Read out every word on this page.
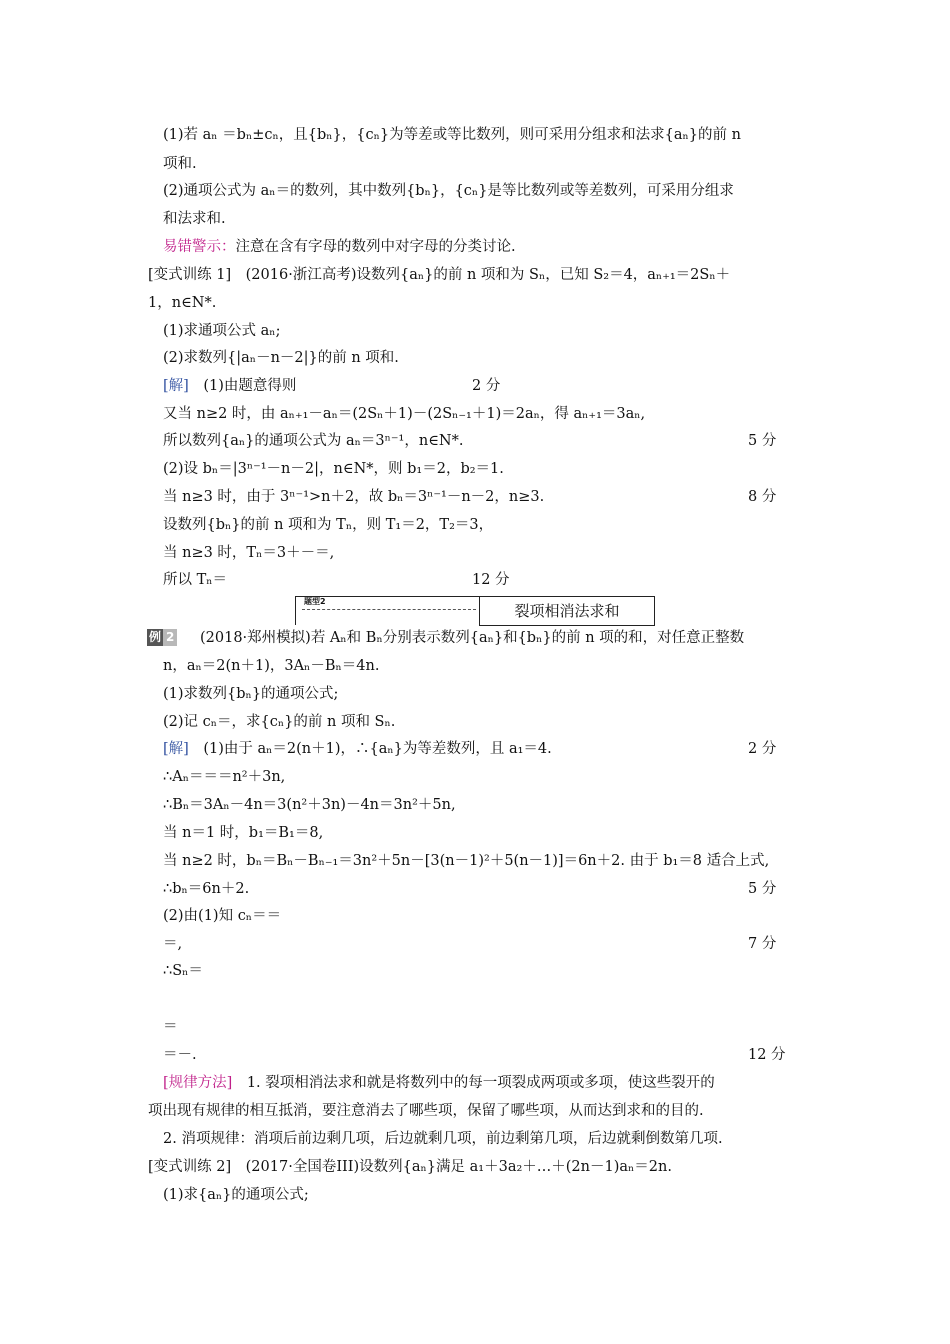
(1)若 aₙ ＝bₙ±cₙ，且{bₙ}，{cₙ}为等差或等比数列，则可采用分组求和法求{aₙ}的前 n
项和.
(2)通项公式为 aₙ＝的数列，其中数列{bₙ}，{cₙ}是等比数列或等差数列，可采用分组求
和法求和.
易错警示：注意在含有字母的数列中对字母的分类讨论.
[变式训练 1]　(2016·浙江高考)设数列{aₙ}的前 n 项和为 Sₙ，已知 S₂＝4，aₙ₊₁＝2Sₙ＋
1，n∈N*.
(1)求通项公式 aₙ;
(2)求数列{|aₙ－n－2|}的前 n 项和.
[解]　 (1)由题意得则	2 分
又当 n≥2 时，由 aₙ₊₁－aₙ＝(2Sₙ＋1)－(2Sₙ₋₁＋1)＝2aₙ，得 aₙ₊₁＝3aₙ,
所以数列{aₙ}的通项公式为 aₙ＝3ⁿ⁻¹，n∈N*.	5 分
(2)设 bₙ＝|3ⁿ⁻¹－n－2|，n∈N*，则 b₁＝2，b₂＝1.
当 n≥3 时，由于 3ⁿ⁻¹>n＋2，故 bₙ＝3ⁿ⁻¹－n－2，n≥3.	8 分
设数列{bₙ}的前 n 项和为 Tₙ，则 T₁＝2，T₂＝3，
当 n≥3 时，Tₙ＝3＋－＝,
所以 Tₙ＝	12 分
题型2
裂项相消法求和
例 2 (2018·郑州模拟)若 Aₙ和 Bₙ分别表示数列{aₙ}和{bₙ}的前 n 项的和，对任意正整数
n，aₙ＝2(n＋1)，3Aₙ－Bₙ＝4n.
(1)求数列{bₙ}的通项公式;
(2)记 cₙ＝，求{cₙ}的前 n 项和 Sₙ.
[解]　 (1)由于 aₙ＝2(n＋1)，∴{aₙ}为等差数列，且 a₁＝4.	2 分
∴Aₙ＝＝＝n²＋3n,
∴Bₙ＝3Aₙ－4n＝3(n²＋3n)－4n＝3n²＋5n,
当 n＝1 时，b₁＝B₁＝8,
当 n≥2 时，bₙ＝Bₙ－Bₙ₋₁＝3n²＋5n－[3(n－1)²＋5(n－1)]＝6n＋2. 由于 b₁＝8 适合上式,
∴bₙ＝6n＋2.	5 分
(2)由(1)知 cₙ＝＝
＝,	7 分
∴Sₙ＝
＝
＝－.	12 分
[规律方法]　 1. 裂项相消法求和就是将数列中的每一项裂成两项或多项，使这些裂开的
项出现有规律的相互抵消，要注意消去了哪些项，保留了哪些项，从而达到求和的目的.
2. 消项规律：消项后前边剩几项，后边就剩几项，前边剩第几项，后边就剩倒数第几项.
[变式训练 2]　(2017·全国卷III)设数列{aₙ}满足 a₁＋3a₂＋…＋(2n－1)aₙ＝2n.
(1)求{aₙ}的通项公式;
